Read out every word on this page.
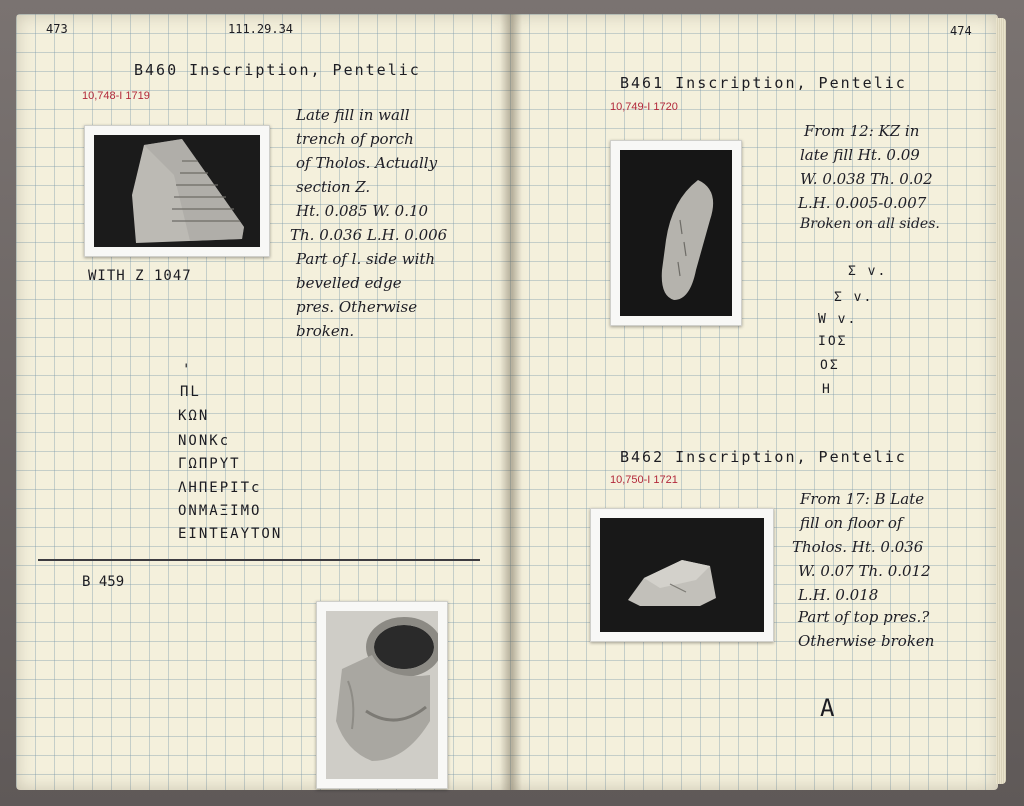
473	111.29.34
B460 Inscription, Pentelic
10,748-I 1719
Late fill in wall
trench of porch
of Tholos. Actually
section Z.
Ht. 0.085 W. 0.10
Th. 0.036 L.H. 0.006
Part of l. side with
bevelled edge
pres. Otherwise
broken.
WITH Z 1047
'
ΠL
ΚΩΝ
ΝΟΝΚc
ΓΩΠΡΥΤ
ΛΗΠΕΡΙΤc
ΟΝΜΑΞΙΜΟ
ΕΙΝΤΕΑΥΤΟΝ
B 459
474
B461 Inscription, Pentelic
10,749-I 1720
From 12: KZ in
late fill Ht. 0.09
W. 0.038 Th. 0.02
L.H. 0.005-0.007
Broken on all sides.
Σ v.
Σ v.
W v.
ΙΟΣ
ΟΣ
Η
B462 Inscription, Pentelic
10,750-I 1721
From 17: B Late
fill on floor of
Tholos. Ht. 0.036
W. 0.07 Th. 0.012
L.H. 0.018
Part of top pres.?
Otherwise broken
A
